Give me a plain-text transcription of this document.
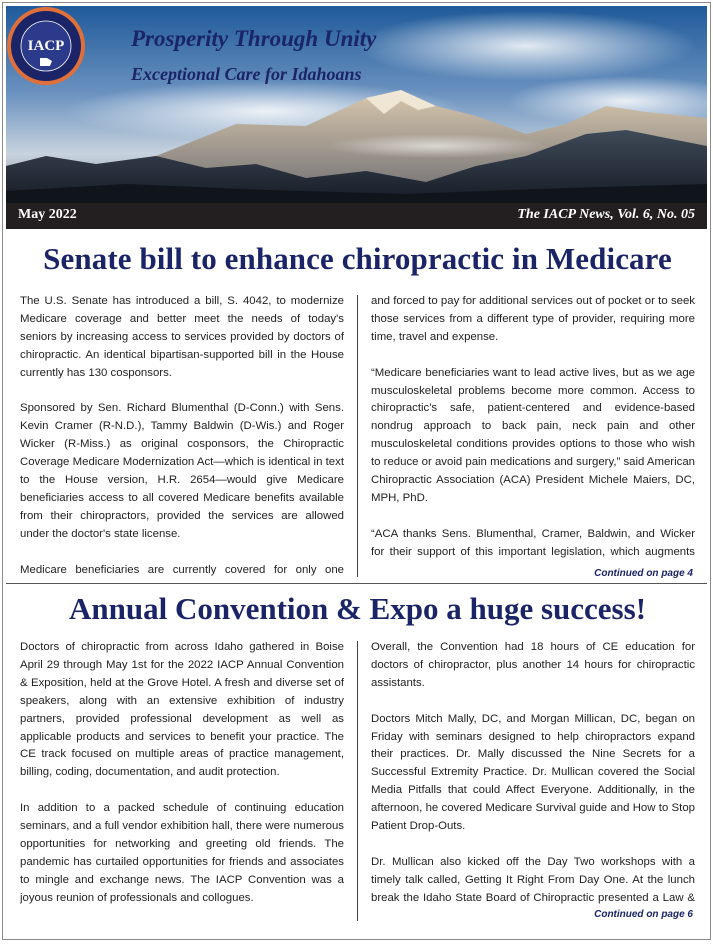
IACP	Prosperity Through Unity
Exceptional Care for Idahoans
May 2022	The IACP News, Vol. 6, No. 05
Senate bill to enhance chiropractic in Medicare

The U.S. Senate has introduced a bill, S. 4042, to modernize Medicare coverage and better meet the needs of today's seniors by increasing access to services provided by doctors of chiropractic. An identical bipartisan-supported bill in the House currently has 130 cosponsors.

Sponsored by Sen. Richard Blumenthal (D-Conn.) with Sens. Kevin Cramer (R-N.D.), Tammy Baldwin (D-Wis.) and Roger Wicker (R-Miss.) as original cosponsors, the Chiropractic Coverage Medicare Modernization Act—which is identical in text to the House version, H.R. 2654—would give Medicare beneficiaries access to all covered Medicare benefits available from their chiropractors, provided the services are allowed under the doctor's state license.

Medicare beneficiaries are currently covered for only one

and forced to pay for additional services out of pocket or to seek those services from a different type of provider, requiring more time, travel and expense.

“Medicare beneficiaries want to lead active lives, but as we age musculoskeletal problems become more common. Access to chiropractic's safe, patient-centered and evidence-based nondrug approach to back pain, neck pain and other musculoskeletal conditions provides options to those who wish to reduce or avoid pain medications and surgery,” said American Chiropractic Association (ACA) President Michele Maiers, DC, MPH, PhD.

“ACA thanks Sens. Blumenthal, Cramer, Baldwin, and Wicker for their support of this important legislation, which augments

Continued on page 4
Annual Convention & Expo a huge success!

Doctors of chiropractic from across Idaho gathered in Boise April 29 through May 1st for the 2022 IACP Annual Convention & Exposition, held at the Grove Hotel. A fresh and diverse set of speakers, along with an extensive exhibition of industry partners, provided professional development as well as applicable products and services to benefit your practice. The CE track focused on multiple areas of practice management, billing, coding, documentation, and audit protection.

In addition to a packed schedule of continuing education seminars, and a full vendor exhibition hall, there were numerous opportunities for networking and greeting old friends. The pandemic has curtailed opportunities for friends and associates to mingle and exchange news. The IACP Convention was a joyous reunion of professionals and collogues.

Overall, the Convention had 18 hours of CE education for doctors of chiropractor, plus another 14 hours for chiropractic assistants.

Doctors Mitch Mally, DC, and Morgan Millican, DC, began on Friday with seminars designed to help chiropractors expand their practices. Dr. Mally discussed the Nine Secrets for a Successful Extremity Practice. Dr. Mullican covered the Social Media Pitfalls that could Affect Everyone. Additionally, in the afternoon, he covered Medicare Survival guide and How to Stop Patient Drop-Outs.

Dr. Mullican also kicked off the Day Two workshops with a timely talk called, Getting It Right From Day One. At the lunch break the Idaho State Board of Chiropractic presented a Law &

Continued on page 6
